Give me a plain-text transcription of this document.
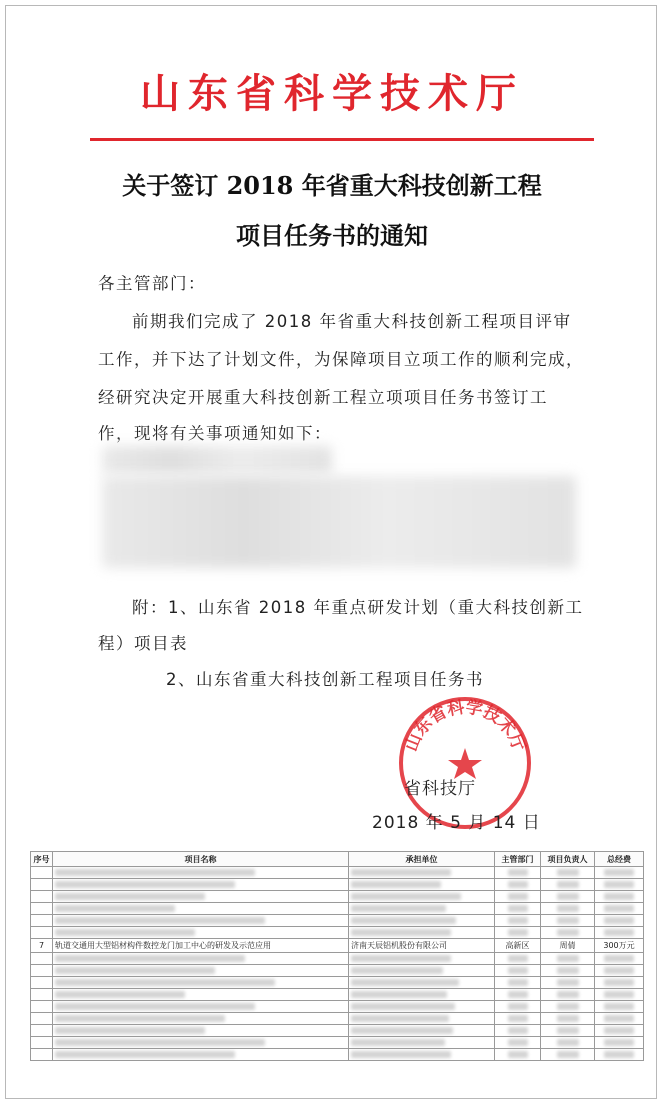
山东省科学技术厅
关于签订 2018 年省重大科技创新工程
项目任务书的通知
各主管部门：
前期我们完成了 2018 年省重大科技创新工程项目评审
工作，并下达了计划文件，为保障项目立项工作的顺利完成，
经研究决定开展重大科技创新工程立项项目任务书签订工
作，现将有关事项通知如下：
附：1、山东省 2018 年重点研发计划（重大科技创新工
程）项目表
2、山东省重大科技创新工程项目任务书
山东省科学技术厅
省科技厅
2018 年 5 月 14 日
序号	项目名称	承担单位	主管部门	项目负责人	总经费

7	轨道交通用大型铝材构件数控龙门加工中心的研发及示范应用	济南天辰铝机股份有限公司	高新区	周倩	300万元
